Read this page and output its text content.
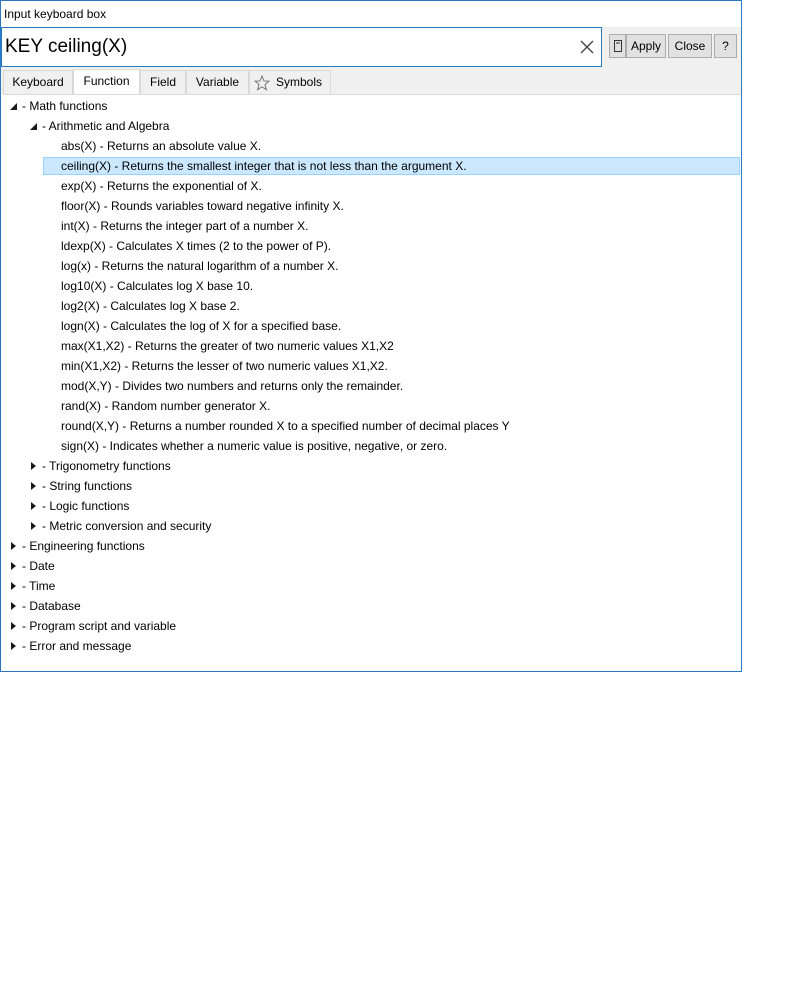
Input keyboard box
KEY ceiling(X)	Apply	Close	?
Keyboard	Function	Field	Variable	Symbols
- Math functions
- Arithmetic and Algebra
abs(X) - Returns an absolute value X.
ceiling(X) - Returns the smallest integer that is not less than the argument X.
exp(X) - Returns the exponential of X.
floor(X) - Rounds variables toward negative infinity X.
int(X) - Returns the integer part of a number X.
ldexp(X) - Calculates X times (2 to the power of P).
log(x) - Returns the natural logarithm of a number X.
log10(X) - Calculates log X base 10.
log2(X) - Calculates log X base 2.
logn(X) - Calculates the log of X for a specified base.
max(X1,X2) - Returns the greater of two numeric values X1,X2
min(X1,X2) - Returns the lesser of two numeric values X1,X2.
mod(X,Y) - Divides two numbers and returns only the remainder.
rand(X) - Random number generator X.
round(X,Y) - Returns a number rounded X to a specified number of decimal places Y
sign(X) - Indicates whether a numeric value is positive, negative, or zero.
- Trigonometry functions
- String functions
- Logic functions
- Metric conversion and security
- Engineering functions
- Date
- Time
- Database
- Program script and variable
- Error and message
